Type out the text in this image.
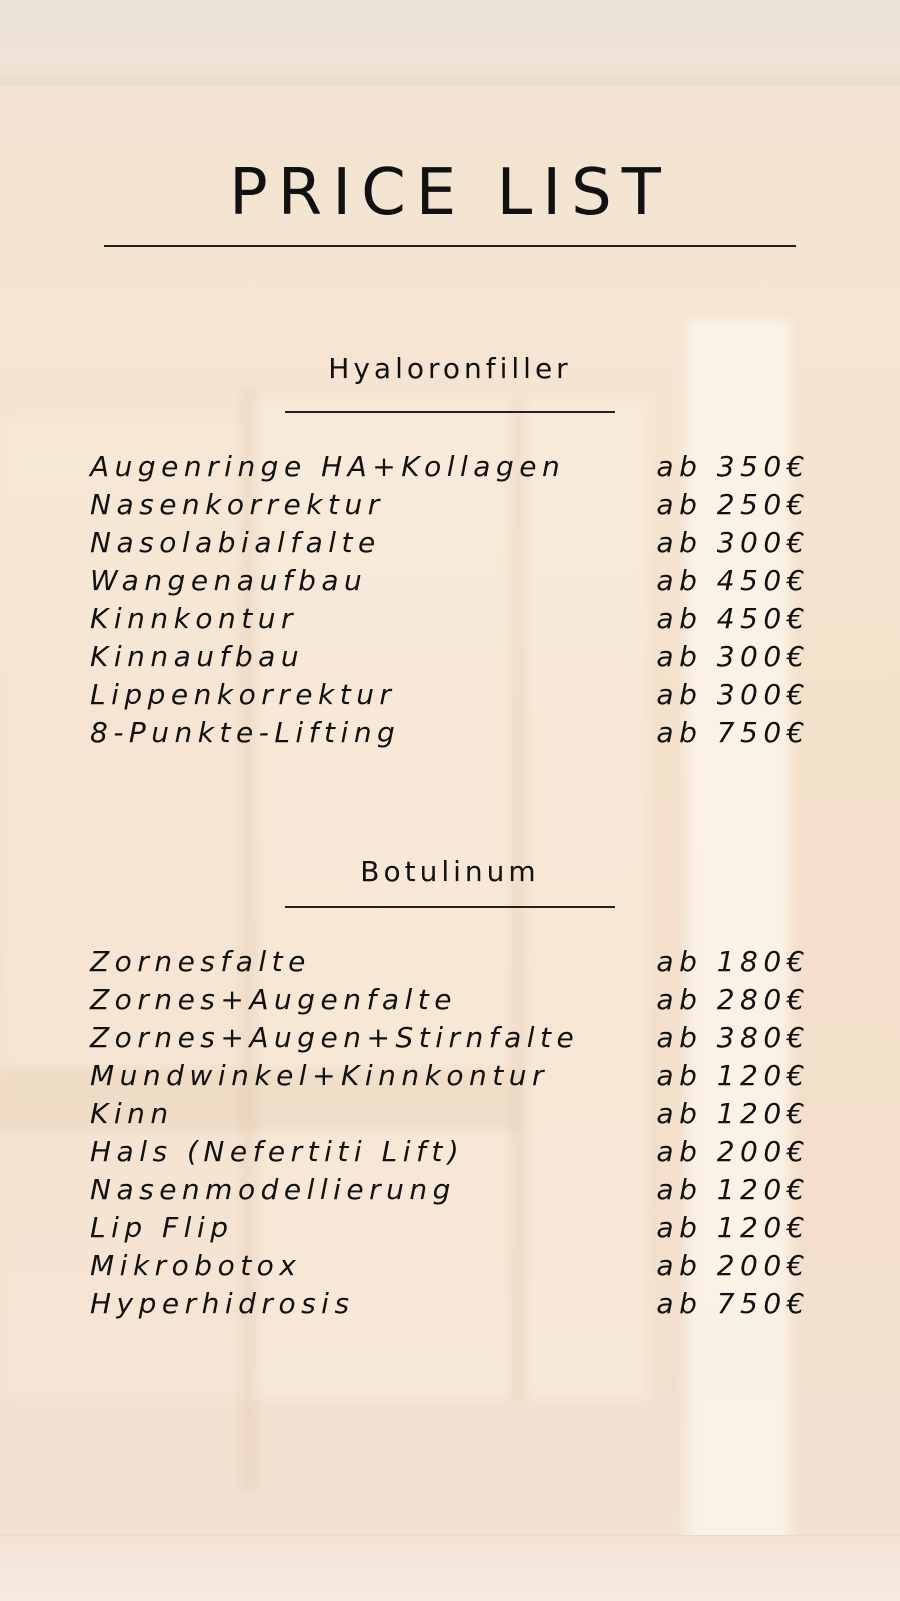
PRICE LIST
Hyaloronfiller
Augenringe HA+Kollagen	ab 350€
Nasenkorrektur	ab 250€
Nasolabialfalte	ab 300€
Wangenaufbau	ab 450€
Kinnkontur	ab 450€
Kinnaufbau	ab 300€
Lippenkorrektur	ab 300€
8-Punkte-Lifting	ab 750€
Botulinum
Zornesfalte	ab 180€
Zornes+Augenfalte	ab 280€
Zornes+Augen+Stirnfalte	ab 380€
Mundwinkel+Kinnkontur	ab 120€
Kinn	ab 120€
Hals (Nefertiti Lift)	ab 200€
Nasenmodellierung	ab 120€
Lip Flip	ab 120€
Mikrobotox	ab 200€
Hyperhidrosis	ab 750€
